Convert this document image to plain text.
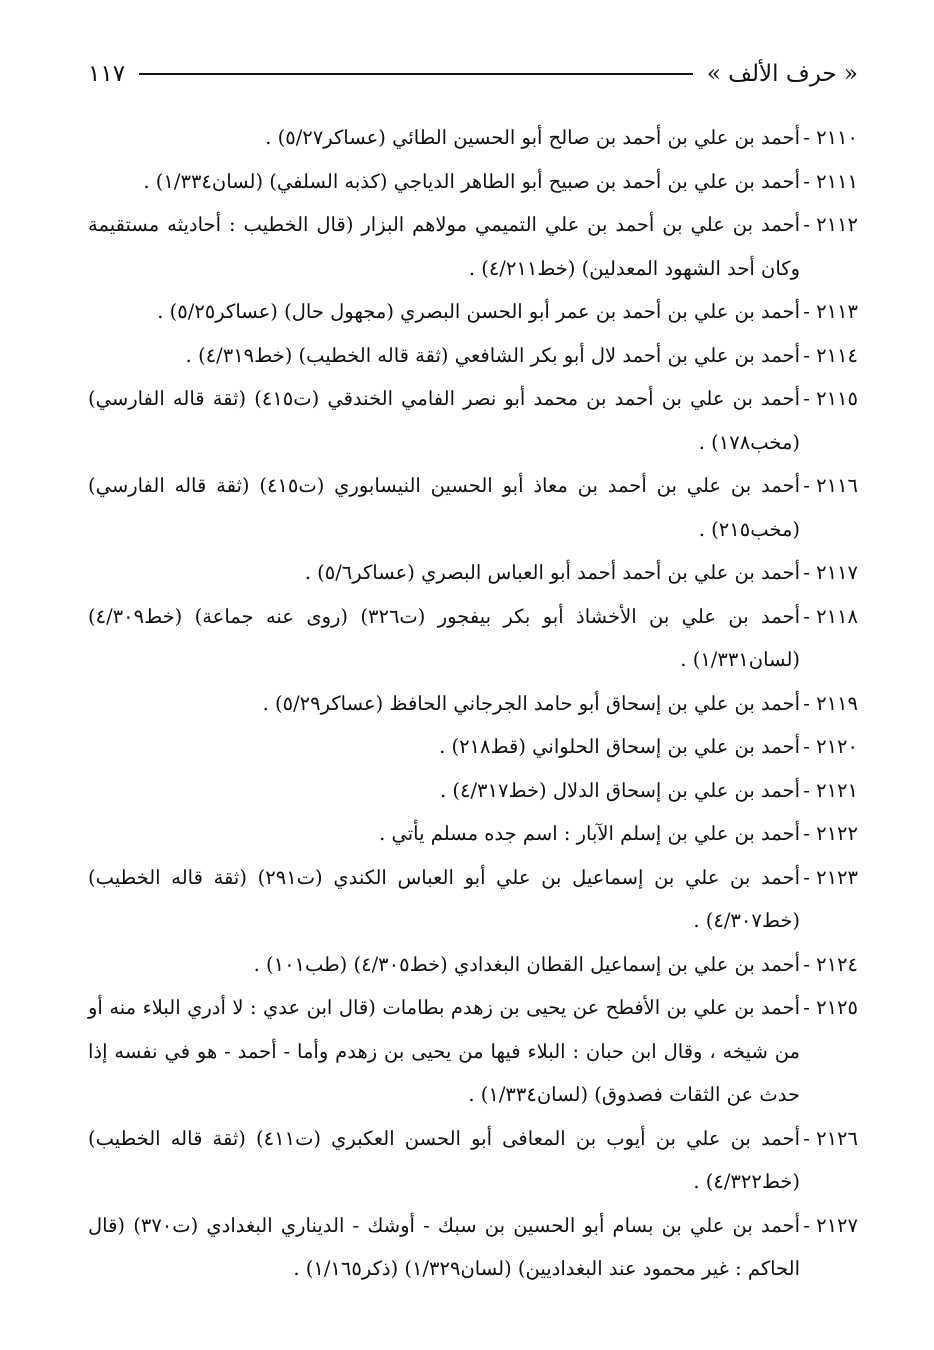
« حرف الألف »
١١٧
٢١١٠ -
أحمد بن علي بن أحمد بن صالح أبو الحسين الطائي (عساكر٥/٢٧) .
٢١١١ -
أحمد بن علي بن أحمد بن صبيح أبو الطاهر الدياجي (كذبه السلفي) (لسان١/٣٣٤) .
٢١١٢ -
أحمد بن علي بن أحمد بن علي التميمي مولاهم البزار (قال الخطيب : أحاديثه مستقيمة وكان أحد الشهود المعدلين) (خط٤/٢١١) .
٢١١٣ -
أحمد بن علي بن أحمد بن عمر أبو الحسن البصري (مجهول حال) (عساكر٥/٢٥) .
٢١١٤ -
أحمد بن علي بن أحمد لال أبو بكر الشافعي (ثقة قاله الخطيب) (خط٤/٣١٩) .
٢١١٥ -
أحمد بن علي بن أحمد بن محمد أبو نصر الفامي الخندقي (ت٤١٥) (ثقة قاله الفارسي) (مخب١٧٨) .
٢١١٦ -
أحمد بن علي بن أحمد بن معاذ أبو الحسين النيسابوري (ت٤١٥) (ثقة قاله الفارسي) (مخب٢١٥) .
٢١١٧ -
أحمد بن علي بن أحمد أحمد أبو العباس البصري (عساكر٥/٦) .
٢١١٨ -
أحمد بن علي بن الأخشاذ أبو بكر بيفجور (ت٣٢٦) (روى عنه جماعة) (خط٤/٣٠٩) (لسان١/٣٣١) .
٢١١٩ -
أحمد بن علي بن إسحاق أبو حامد الجرجاني الحافظ (عساكر٥/٢٩) .
٢١٢٠ -
أحمد بن علي بن إسحاق الحلواني (قط٢١٨) .
٢١٢١ -
أحمد بن علي بن إسحاق الدلال (خط٤/٣١٧) .
٢١٢٢ -
أحمد بن علي بن إسلم الآبار : اسم جده مسلم يأتي .
٢١٢٣ -
أحمد بن علي بن إسماعيل بن علي أبو العباس الكندي (ت٢٩١) (ثقة قاله الخطيب) (خط٤/٣٠٧) .
٢١٢٤ -
أحمد بن علي بن إسماعيل القطان البغدادي (خط٤/٣٠٥) (طب١٠١) .
٢١٢٥ -
أحمد بن علي بن الأفطح عن يحيى بن زهدم بطامات (قال ابن عدي : لا أدري البلاء منه أو من شيخه ، وقال ابن حبان : البلاء فيها من يحيى بن زهدم وأما - أحمد - هو في نفسه إذا حدث عن الثقات فصدوق) (لسان١/٣٣٤) .
٢١٢٦ -
أحمد بن علي بن أيوب بن المعافى أبو الحسن العكبري (ت٤١١) (ثقة قاله الخطيب) (خط٤/٣٢٢) .
٢١٢٧ -
أحمد بن علي بن بسام أبو الحسين بن سبك - أوشك - الديناري البغدادي (ت٣٧٠) (قال الحاكم : غير محمود عند البغداديين) (لسان١/٣٢٩) (ذكر١/١٦٥) .
